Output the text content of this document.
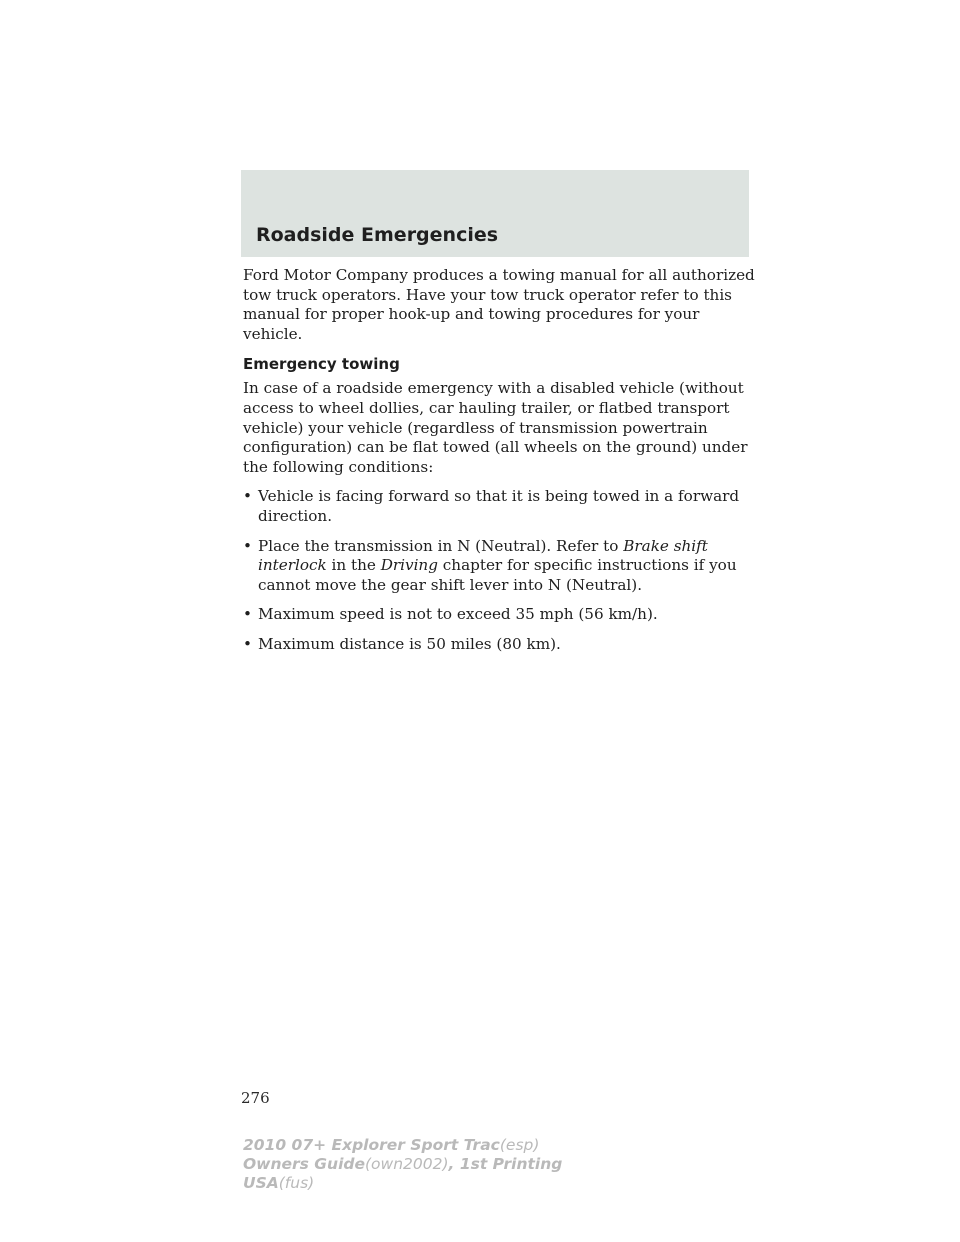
Roadside Emergencies

Ford Motor Company produces a towing manual for all authorized tow truck operators. Have your tow truck operator refer to this manual for proper hook-up and towing procedures for your vehicle.

Emergency towing

In case of a roadside emergency with a disabled vehicle (without access to wheel dollies, car hauling trailer, or flatbed transport vehicle) your vehicle (regardless of transmission powertrain configuration) can be flat towed (all wheels on the ground) under the following conditions:

• Vehicle is facing forward so that it is being towed in a forward direction.
• Place the transmission in N (Neutral). Refer to Brake shift interlock in the Driving chapter for specific instructions if you cannot move the gear shift lever into N (Neutral).
• Maximum speed is not to exceed 35 mph (56 km/h).
• Maximum distance is 50 miles (80 km).
276
2010 07+ Explorer Sport Trac(esp)
Owners Guide(own2002), 1st Printing
USA(fus)
